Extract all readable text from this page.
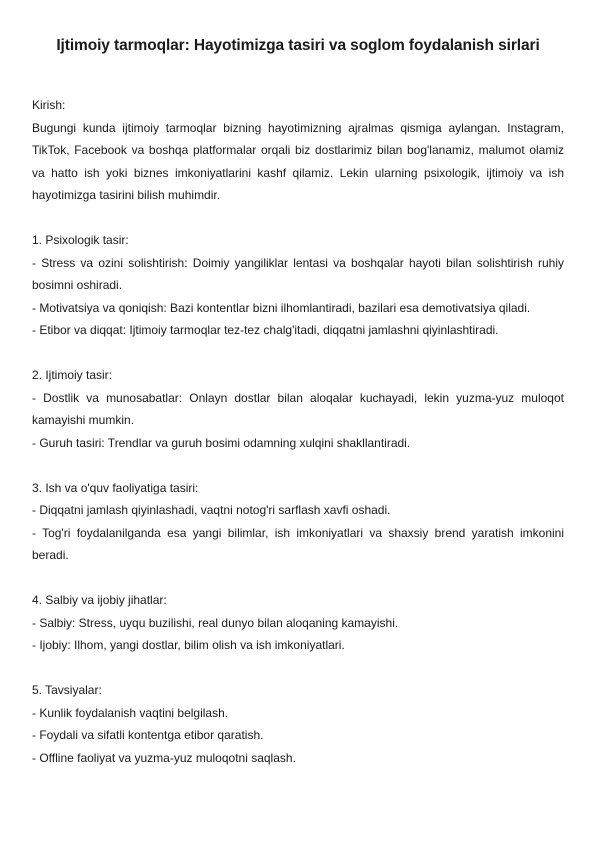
Ijtimoiy tarmoqlar: Hayotimizga tasiri va soglom foydalanish sirlari

Kirish:

Bugungi kunda ijtimoiy tarmoqlar bizning hayotimizning ajralmas qismiga aylangan. Instagram, TikTok, Facebook va boshqa platformalar orqali biz dostlarimiz bilan bog'lanamiz, malumot olamiz va hatto ish yoki biznes imkoniyatlarini kashf qilamiz. Lekin ularning psixologik, ijtimoiy va ish hayotimizga tasirini bilish muhimdir.

1. Psixologik tasir:

- Stress va ozini solishtirish: Doimiy yangiliklar lentasi va boshqalar hayoti bilan solishtirish ruhiy bosimni oshiradi.

- Motivatsiya va qoniqish: Bazi kontentlar bizni ilhomlantiradi, bazilari esa demotivatsiya qiladi.

- Etibor va diqqat: Ijtimoiy tarmoqlar tez-tez chalg'itadi, diqqatni jamlashni qiyinlashtiradi.

2. Ijtimoiy tasir:

- Dostlik va munosabatlar: Onlayn dostlar bilan aloqalar kuchayadi, lekin yuzma-yuz muloqot kamayishi mumkin.

- Guruh tasiri: Trendlar va guruh bosimi odamning xulqini shakllantiradi.

3. Ish va o'quv faoliyatiga tasiri:

- Diqqatni jamlash qiyinlashadi, vaqtni notog'ri sarflash xavfi oshadi.

- Tog'ri foydalanilganda esa yangi bilimlar, ish imkoniyatlari va shaxsiy brend yaratish imkonini beradi.

4. Salbiy va ijobiy jihatlar:

- Salbiy: Stress, uyqu buzilishi, real dunyo bilan aloqaning kamayishi.

- Ijobiy: Ilhom, yangi dostlar, bilim olish va ish imkoniyatlari.

5. Tavsiyalar:

- Kunlik foydalanish vaqtini belgilash.

- Foydali va sifatli kontentga etibor qaratish.

- Offline faoliyat va yuzma-yuz muloqotni saqlash.
